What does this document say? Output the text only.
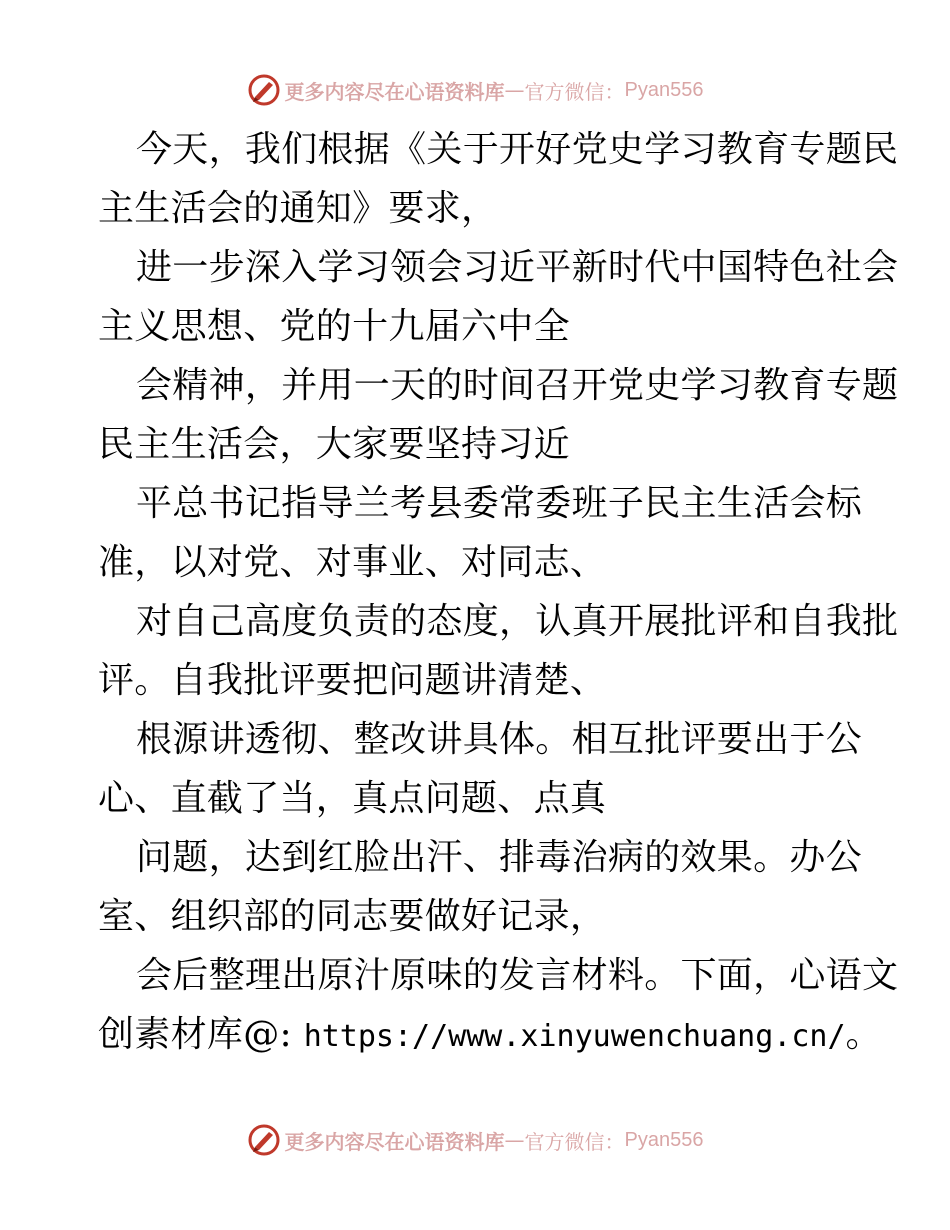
更多内容尽在心语资料库 — 官方微信： Pyan556
今天，我们根据《关于开好党史学习教育专题民
主生活会的通知》要求，
进一步深入学习领会习近平新时代中国特色社会
主义思想、党的十九届六中全
会精神，并用一天的时间召开党史学习教育专题
民主生活会，大家要坚持习近
平总书记指导兰考县委常委班子民主生活会标
准，以对党、对事业、对同志、
对自己高度负责的态度，认真开展批评和自我批
评。自我批评要把问题讲清楚、
根源讲透彻、整改讲具体。相互批评要出于公
心、直截了当，真点问题、点真
问题，达到红脸出汗、排毒治病的效果。办公
室、组织部的同志要做好记录，
会后整理出原汁原味的发言材料。下面，心语文
创素材库@: https://www.xinyuwenchuang.cn/。
更多内容尽在心语资料库 — 官方微信： Pyan556
